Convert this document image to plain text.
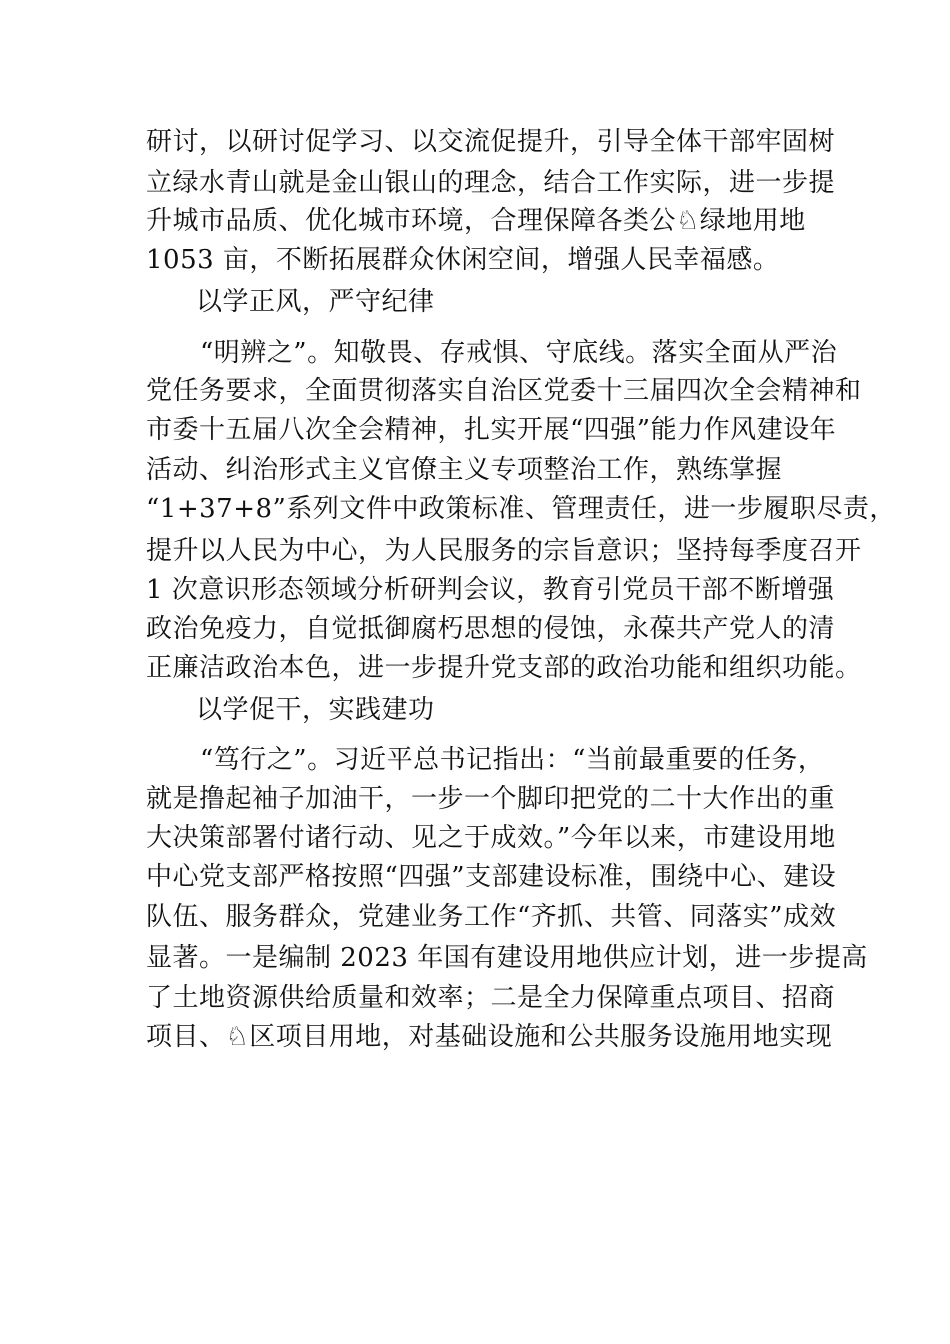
研讨，以研讨促学习、以交流促提升，引导全体干部牢固树
立绿水青山就是金山银山的理念，结合工作实际，进一步提
升城市品质、优化城市环境，合理保障各类公♘绿地用地
1053 亩，不断拓展群众休闲空间，增强人民幸福感。
以学正风，严守纪律
“明辨之”。知敬畏、存戒惧、守底线。落实全面从严治
党任务要求，全面贯彻落实自治区党委十三届四次全会精神和
市委十五届八次全会精神，扎实开展“四强”能力作风建设年
活动、纠治形式主义官僚主义专项整治工作，熟练掌握
“1+37+8”系列文件中政策标准、管理责任，进一步履职尽责，
提升以人民为中心，为人民服务的宗旨意识；坚持每季度召开
1 次意识形态领域分析研判会议，教育引党员干部不断增强
政治免疫力，自觉抵御腐朽思想的侵蚀，永葆共产党人的清
正廉洁政治本色，进一步提升党支部的政治功能和组织功能。
以学促干，实践建功
“笃行之”。习近平总书记指出：“当前最重要的任务，
就是撸起袖子加油干，一步一个脚印把党的二十大作出的重
大决策部署付诸行动、见之于成效。”今年以来，市建设用地
中心党支部严格按照“四强”支部建设标准，围绕中心、建设
队伍、服务群众，党建业务工作“齐抓、共管、同落实”成效
显著。一是编制 2023 年国有建设用地供应计划，进一步提高
了土地资源供给质量和效率；二是全力保障重点项目、招商
项目、♘区项目用地，对基础设施和公共服务设施用地实现
